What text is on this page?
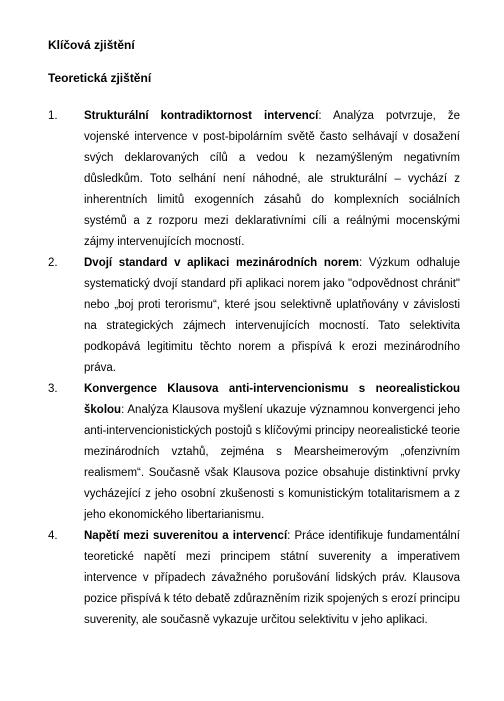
Klíčová zjištění
Teoretická zjištění
1. Strukturální kontradiktornost intervencí: Analýza potvrzuje, že vojenské intervence v post-bipolárním světě často selhávají v dosažení svých deklarovaných cílů a vedou k nezamýšleným negativním důsledkům. Toto selhání není náhodné, ale strukturální – vychází z inherentních limitů exogenních zásahů do komplexních sociálních systémů a z rozporu mezi deklarativními cíli a reálnými mocenskými zájmy intervenujících mocností.
2. Dvojí standard v aplikaci mezinárodních norem: Výzkum odhaluje systematický dvojí standard při aplikaci norem jako "odpovědnost chránit" nebo „boj proti terorismu“, které jsou selektivně uplatňovány v závislosti na strategických zájmech intervenujících mocností. Tato selektivita podkopává legitimitu těchto norem a přispívá k erozi mezinárodního práva.
3. Konvergence Klausova anti-intervencionismu s neorealistickou školou: Analýza Klausova myšlení ukazuje významnou konvergenci jeho anti-intervencionistických postojů s klíčovými principy neorealistické teorie mezinárodních vztahů, zejména s Mearsheimerovým „ofenzivním realismem“. Současně však Klausova pozice obsahuje distinktivní prvky vycházející z jeho osobní zkušenosti s komunistickým totalitarismem a z jeho ekonomického libertarianismu.
4. Napětí mezi suverenitou a intervencí: Práce identifikuje fundamentální teoretické napětí mezi principem státní suverenity a imperativem intervence v případech závažného porušování lidských práv. Klausova pozice přispívá k této debatě zdůrazněním rizik spojených s erozí principu suverenity, ale současně vykazuje určitou selektivitu v jeho aplikaci.
